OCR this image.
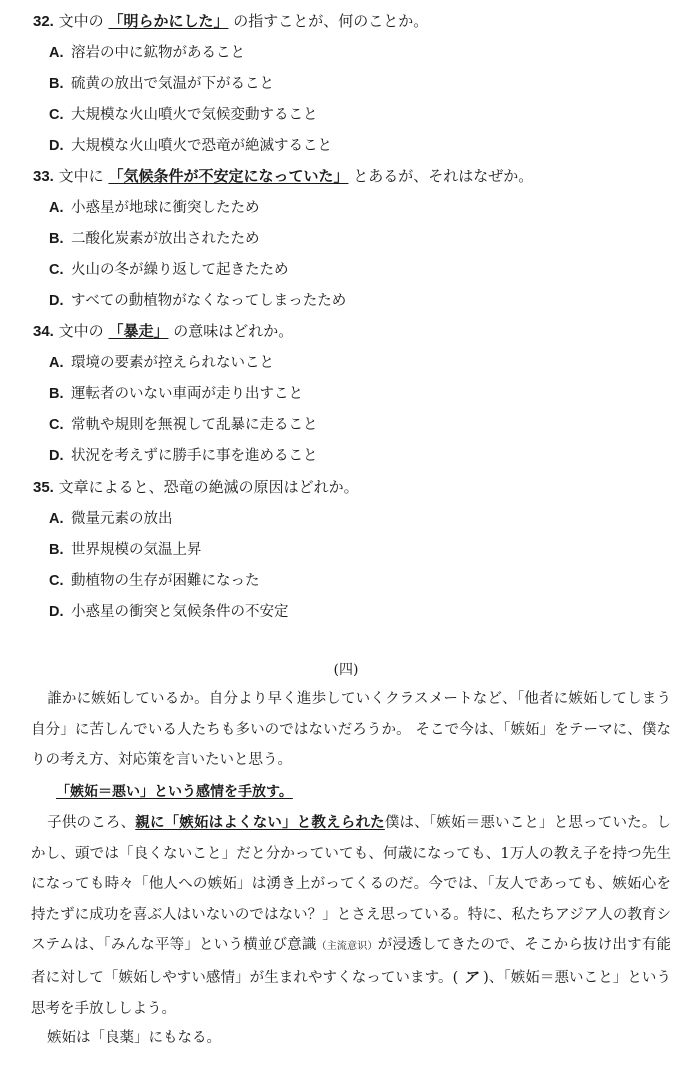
32. 文中の 「明らかにした」 の指すことが、何のことか。
A. 溶岩の中に鉱物があること
B. 硫黄の放出で気温が下がること
C. 大規模な火山噴火で気候変動すること
D. 大規模な火山噴火で恐竜が絶滅すること
33. 文中に 「気候条件が不安定になっていた」 とあるが、それはなぜか。
A. 小惑星が地球に衝突したため
B. 二酸化炭素が放出されたため
C. 火山の冬が繰り返して起きたため
D. すべての動植物がなくなってしまったため
34. 文中の 「暴走」 の意味はどれか。
A. 環境の要素が控えられないこと
B. 運転者のいない車両が走り出すこと
C. 常軌や規則を無視して乱暴に走ること
D. 状況を考えずに勝手に事を進めること
35. 文章によると、恐竜の絶滅の原因はどれか。
A. 微量元素の放出
B. 世界規模の気温上昇
C. 動植物の生存が困難になった
D. 小惑星の衝突と気候条件の不安定
(四)

誰かに嫉妬しているか。自分より早く進歩していくクラスメートなど、「他者に嫉妬してしまう自分」に苦しんでいる人たちも多いのではないだろうか。 そこで今は、「嫉妬」をテーマに、僕なりの考え方、対応策を言いたいと思う。

「嫉妬＝悪い」という感情を手放す。

子供のころ、親に「嫉妬はよくない」と教えられた僕は、「嫉妬＝悪いこと」と思っていた。しかし、頭では「良くないこと」だと分かっていても、何歳になっても、1万人の教え子を持つ先生になっても時々「他人への嫉妬」は湧き上がってくるのだ。今では、「友人であっても、嫉妬心を持たずに成功を喜ぶ人はいないのではない？」とさえ思っている。特に、私たちアジア人の教育システムは、「みんな平等」という横並び意識（主流意识）が浸透してきたので、そこから抜け出す有能者に対して「嫉妬しやすい感情」が生まれやすくなっています。( ア )、「嫉妬＝悪いこと」という思考を手放ししよう。

嫉妬は「良薬」にもなる。
